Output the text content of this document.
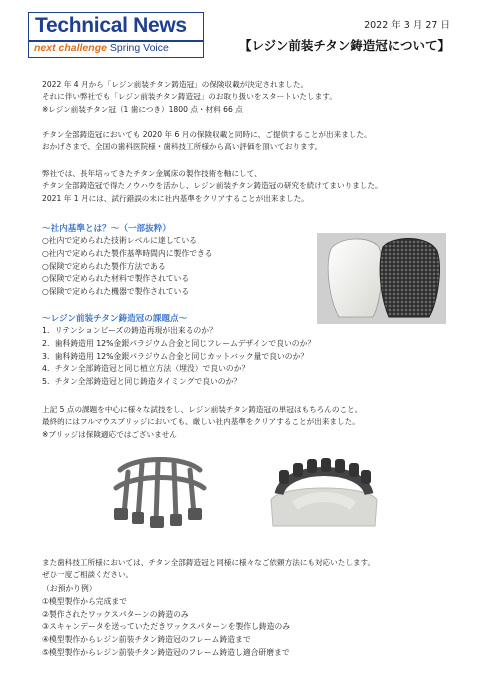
Technical News
next challenge Spring Voice
2022 年 3 月 27 日
【レジン前装チタン鋳造冠について】
2022 年 4 月から「レジン前装チタン鋳造冠」の保険収載が決定されました。
それに伴い弊社でも「レジン前装チタン鋳造冠」のお取り扱いをスタートいたします。
※レジン前装チタン冠（1 歯につき）1800 点・材料 66 点
チタン全部鋳造冠においても 2020 年 6 月の保険収載と同時に、ご提供することが出来ました。
おかげさまで、全国の歯科医院様・歯科技工所様から高い評価を頂いております。
弊社では、長年培ってきたチタン金属床の製作技術を軸にして、
チタン全部鋳造冠で得たノウハウを活かし、レジン前装チタン鋳造冠の研究を続けてまいりました。
2021 年 1 月には、試行錯誤の末に社内基準をクリアすることが出来ました。
〜社内基準とは？〜（一部抜粋）
○社内で定められた技術レベルに達している
○社内で定められた製作基準時間内に製作できる
○保険で定められた製作方法である
○保険で定められた材料で製作されている
○保険で定められた機器で製作されている
〜レジン前装チタン鋳造冠の課題点〜
1．リテンションビーズの鋳造再現が出来るのか？
2．歯科鋳造用 12%金銀パラジウム合金と同じフレームデザインで良いのか？
3．歯科鋳造用 12%金銀パラジウム合金と同じカットバック量で良いのか？
4．チタン全部鋳造冠と同じ植立方法（埋没）で良いのか？
5．チタン全部鋳造冠と同じ鋳造タイミングで良いのか？
上記 5 点の課題を中心に様々な試技をし、レジン前装チタン鋳造冠の単冠はもちろんのこと。
最終的にはフルマウスブリッジにおいても、厳しい社内基準をクリアすることが出来ました。
※ブリッジは保険適応ではございません
また歯科技工所様においては、チタン全部鋳造冠と同様に様々なご依頼方法にも対応いたします。
ぜひ一度ご相談ください。
（お預かり例）
①模型製作から完成まで
②製作されたワックスパターンの鋳造のみ
③スキャンデータを送っていただきワックスパターンを製作し鋳造のみ
④模型製作からレジン前装チタン鋳造冠のフレーム鋳造まで
⑤模型製作からレジン前装チタン鋳造冠のフレーム鋳造し適合研磨まで
